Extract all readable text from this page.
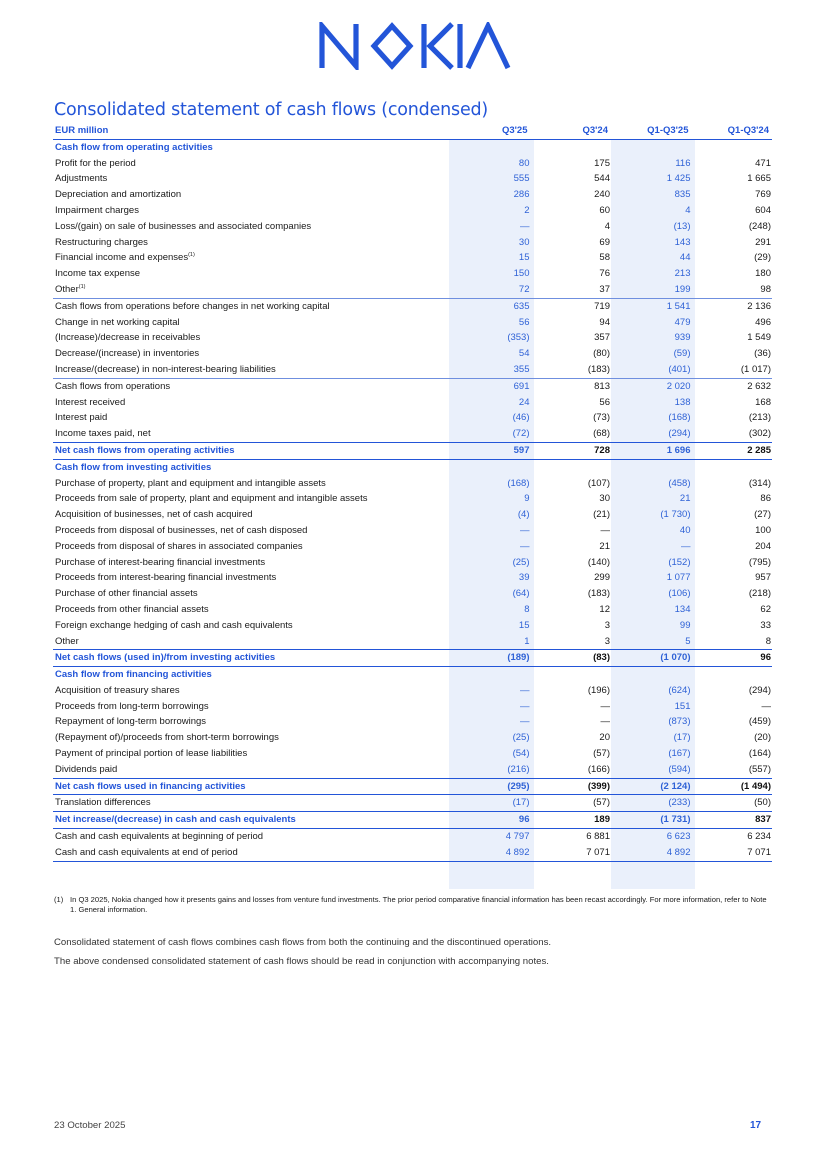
Consolidated statement of cash flows (condensed)
EUR million	Q3'25	Q3'24	Q1-Q3'25	Q1-Q3'24
Cash flow from operating activities				
Profit for the period	80	175	116	471
Adjustments	555	544	1 425	1 665
Depreciation and amortization	286	240	835	769
Impairment charges	2	60	4	604
Loss/(gain) on sale of businesses and associated companies	—	4	(13)	(248)
Restructuring charges	30	69	143	291
Financial income and expenses$^{(1)}$	15	58	44	(29)
Income tax expense	150	76	213	180
Other$^{(1)}$	72	37	199	98
Cash flows from operations before changes in net working capital	635	719	1 541	2 136
Change in net working capital	56	94	479	496
(Increase)/decrease in receivables	(353)	357	939	1 549
Decrease/(increase) in inventories	54	(80)	(59)	(36)
Increase/(decrease) in non-interest-bearing liabilities	355	(183)	(401)	(1 017)
Cash flows from operations	691	813	2 020	2 632
Interest received	24	56	138	168
Interest paid	(46)	(73)	(168)	(213)
Income taxes paid, net	(72)	(68)	(294)	(302)
Net cash flows from operating activities	597	728	1 696	2 285
Cash flow from investing activities				
Purchase of property, plant and equipment and intangible assets	(168)	(107)	(458)	(314)
Proceeds from sale of property, plant and equipment and intangible assets	9	30	21	86
Acquisition of businesses, net of cash acquired	(4)	(21)	(1 730)	(27)
Proceeds from disposal of businesses, net of cash disposed	—	—	40	100
Proceeds from disposal of shares in associated companies	—	21	—	204
Purchase of interest-bearing financial investments	(25)	(140)	(152)	(795)
Proceeds from interest-bearing financial investments	39	299	1 077	957
Purchase of other financial assets	(64)	(183)	(106)	(218)
Proceeds from other financial assets	8	12	134	62
Foreign exchange hedging of cash and cash equivalents	15	3	99	33
Other	1	3	5	8
Net cash flows (used in)/from investing activities	(189)	(83)	(1 070)	96
Cash flow from financing activities				
Acquisition of treasury shares	—	(196)	(624)	(294)
Proceeds from long-term borrowings	—	—	151	—
Repayment of long-term borrowings	—	—	(873)	(459)
(Repayment of)/proceeds from short-term borrowings	(25)	20	(17)	(20)
Payment of principal portion of lease liabilities	(54)	(57)	(167)	(164)
Dividends paid	(216)	(166)	(594)	(557)
Net cash flows used in financing activities	(295)	(399)	(2 124)	(1 494)
Translation differences	(17)	(57)	(233)	(50)
Net increase/(decrease) in cash and cash equivalents	96	189	(1 731)	837
Cash and cash equivalents at beginning of period	4 797	6 881	6 623	6 234
Cash and cash equivalents at end of period	4 892	7 071	4 892	7 071
(1) In Q3 2025, Nokia changed how it presents gains and losses from venture fund investments. The prior period comparative financial information has been recast accordingly. For more information, refer to Note 1. General information.
Consolidated statement of cash flows combines cash flows from both the continuing and the discontinued operations.
The above condensed consolidated statement of cash flows should be read in conjunction with accompanying notes.
23 October 2025	17
